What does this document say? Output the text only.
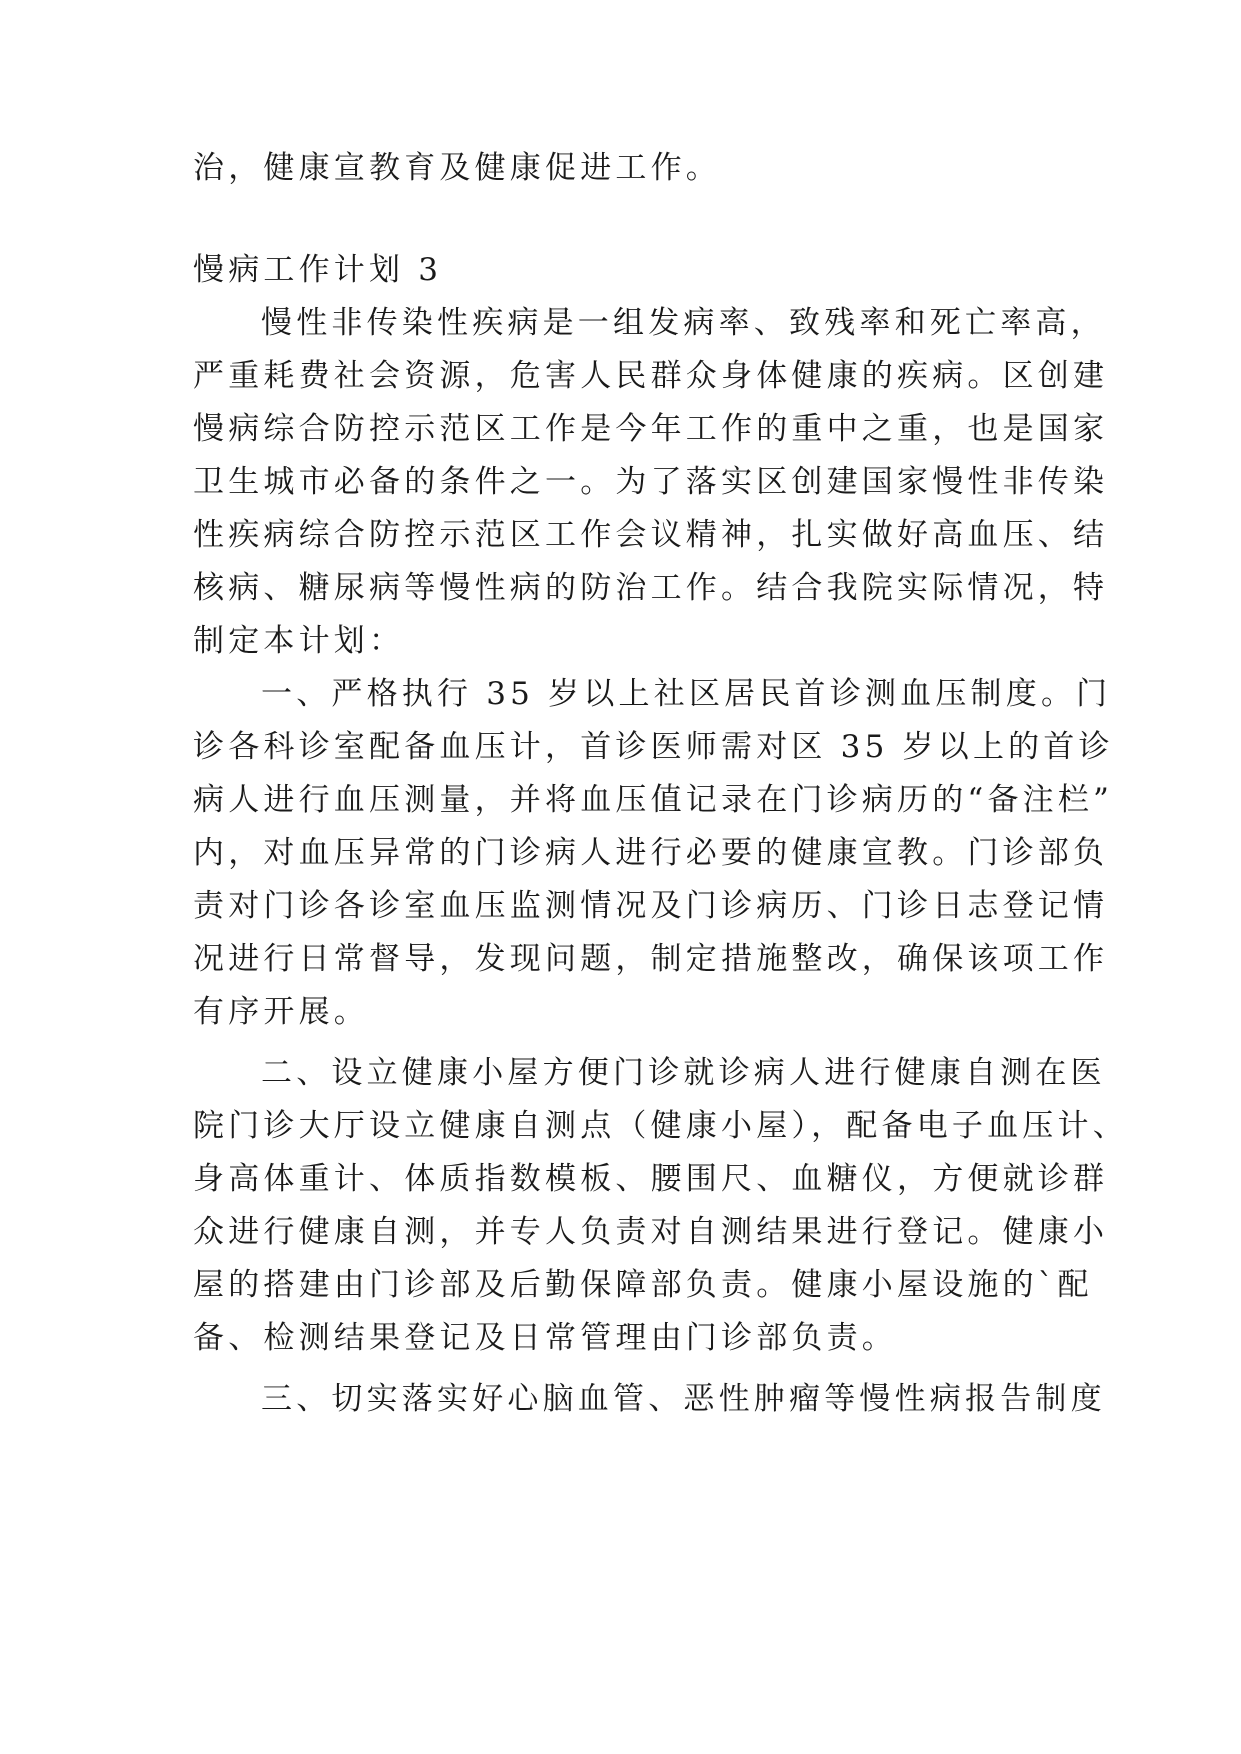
治，健康宣教育及健康促进工作。
慢病工作计划 3
慢性非传染性疾病是一组发病率、致残率和死亡率高，
严重耗费社会资源，危害人民群众身体健康的疾病。区创建
慢病综合防控示范区工作是今年工作的重中之重，也是国家
卫生城市必备的条件之一。为了落实区创建国家慢性非传染
性疾病综合防控示范区工作会议精神，扎实做好高血压、结
核病、糖尿病等慢性病的防治工作。结合我院实际情况，特
制定本计划：
一、严格执行 35 岁以上社区居民首诊测血压制度。门
诊各科诊室配备血压计，首诊医师需对区 35 岁以上的首诊
病人进行血压测量，并将血压值记录在门诊病历的“备注栏”
内，对血压异常的门诊病人进行必要的健康宣教。门诊部负
责对门诊各诊室血压监测情况及门诊病历、门诊日志登记情
况进行日常督导，发现问题，制定措施整改，确保该项工作
有序开展。
二、设立健康小屋方便门诊就诊病人进行健康自测在医
院门诊大厅设立健康自测点（健康小屋），配备电子血压计、
身高体重计、体质指数模板、腰围尺、血糖仪，方便就诊群
众进行健康自测，并专人负责对自测结果进行登记。健康小
屋的搭建由门诊部及后勤保障部负责。健康小屋设施的`配
备、检测结果登记及日常管理由门诊部负责。
三、切实落实好心脑血管、恶性肿瘤等慢性病报告制度
